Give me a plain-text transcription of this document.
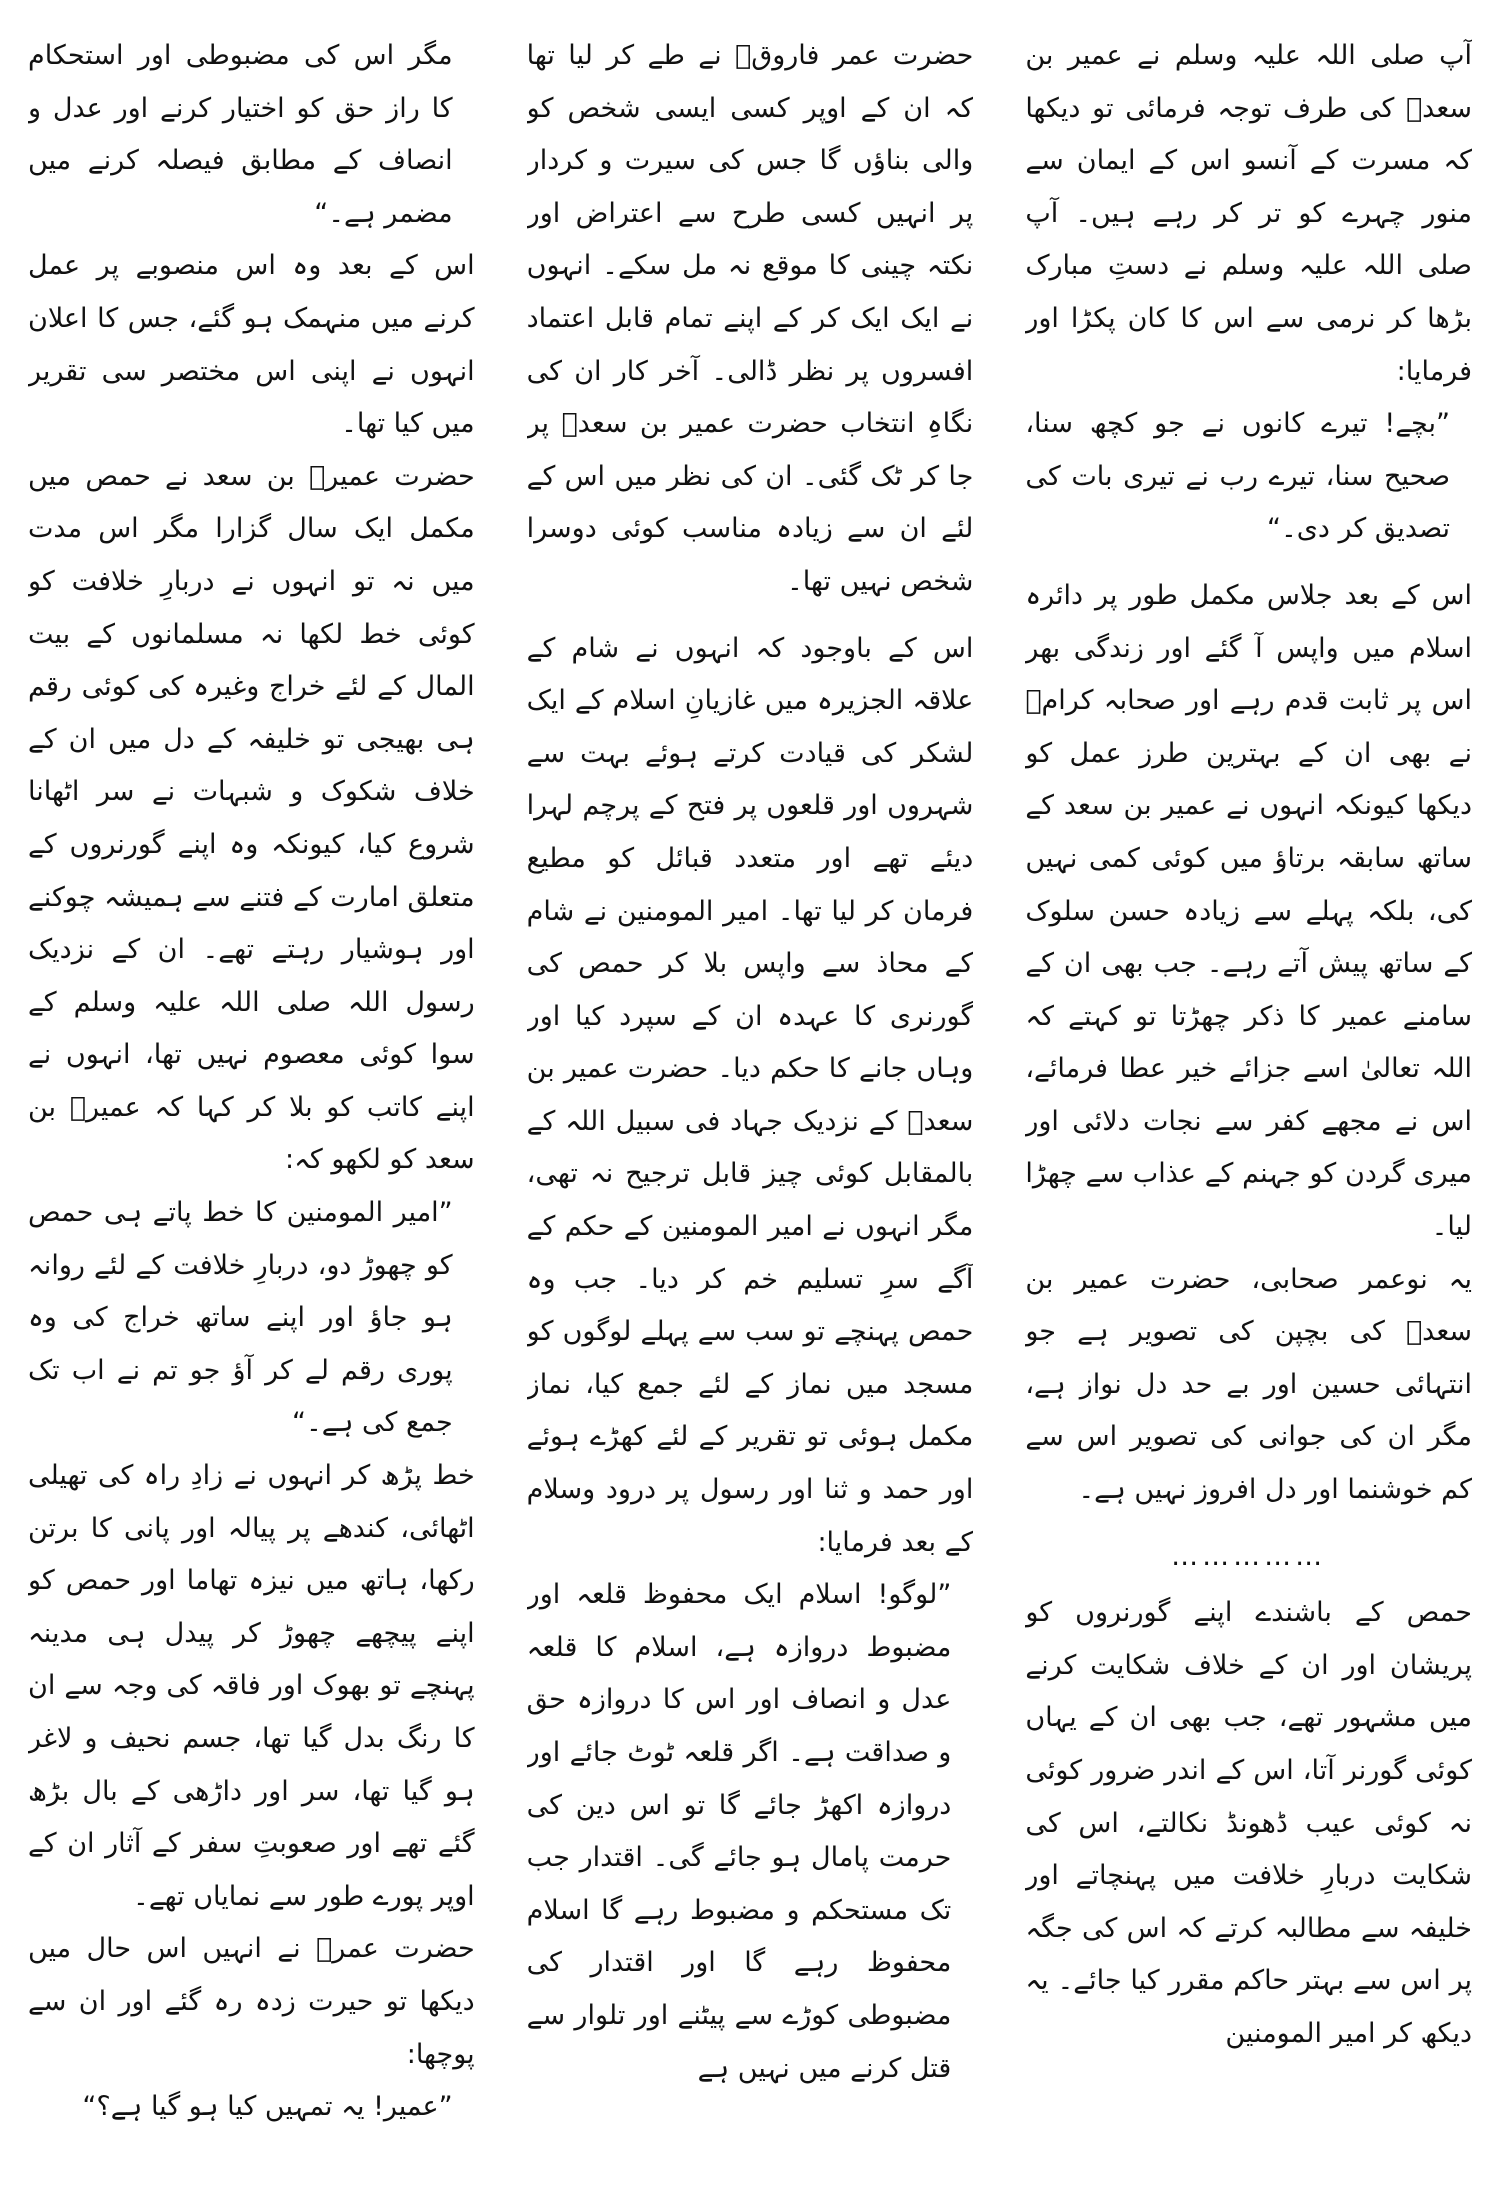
آپ صلی اللہ علیہ وسلم نے عمیر بن سعدؓ کی طرف توجہ فرمائی تو دیکھا کہ مسرت کے آنسو اس کے ایمان سے منور چہرے کو تر کر رہے ہیں۔ آپ صلی اللہ علیہ وسلم نے دستِ مبارک بڑھا کر نرمی سے اس کا کان پکڑا اور فرمایا:

”بچے! تیرے کانوں نے جو کچھ سنا، صحیح سنا، تیرے رب نے تیری بات کی تصدیق کر دی۔“

اس کے بعد جلاس مکمل طور پر دائرہ اسلام میں واپس آ گئے اور زندگی بھر اس پر ثابت قدم رہے اور صحابہ کرامؓ نے بھی ان کے بہترین طرز عمل کو دیکھا کیونکہ انہوں نے عمیر بن سعد کے ساتھ سابقہ برتاؤ میں کوئی کمی نہیں کی، بلکہ پہلے سے زیادہ حسن سلوک کے ساتھ پیش آتے رہے۔ جب بھی ان کے سامنے عمیر کا ذکر چھڑتا تو کہتے کہ اللہ تعالیٰ اسے جزائے خیر عطا فرمائے، اس نے مجھے کفر سے نجات دلائی اور میری گردن کو جہنم کے عذاب سے چھڑا لیا۔

یہ نوعمر صحابی، حضرت عمیر بن سعدؓ کی بچپن کی تصویر ہے جو انتہائی حسین اور بے حد دل نواز ہے، مگر ان کی جوانی کی تصویر اس سے کم خوشنما اور دل افروز نہیں ہے۔

……………

حمص کے باشندے اپنے گورنروں کو پریشان اور ان کے خلاف شکایت کرنے میں مشہور تھے، جب بھی ان کے یہاں کوئی گورنر آتا، اس کے اندر ضرور کوئی نہ کوئی عیب ڈھونڈ نکالتے، اس کی شکایت دربارِ خلافت میں پہنچاتے اور خلیفہ سے مطالبہ کرتے کہ اس کی جگہ پر اس سے بہتر حاکم مقرر کیا جائے۔ یہ دیکھ کر امیر المومنین

حضرت عمر فاروقؓ نے طے کر لیا تھا کہ ان کے اوپر کسی ایسی شخص کو والی بناؤں گا جس کی سیرت و کردار پر انہیں کسی طرح سے اعتراض اور نکتہ چینی کا موقع نہ مل سکے۔ انہوں نے ایک ایک کر کے اپنے تمام قابل اعتماد افسروں پر نظر ڈالی۔ آخر کار ان کی نگاہِ انتخاب حضرت عمیر بن سعدؓ پر جا کر ٹک گئی۔ ان کی نظر میں اس کے لئے ان سے زیادہ مناسب کوئی دوسرا شخص نہیں تھا۔

اس کے باوجود کہ انہوں نے شام کے علاقہ الجزیرہ میں غازیانِ اسلام کے ایک لشکر کی قیادت کرتے ہوئے بہت سے شہروں اور قلعوں پر فتح کے پرچم لہرا دیئے تھے اور متعدد قبائل کو مطیع فرمان کر لیا تھا۔ امیر المومنین نے شام کے محاذ سے واپس بلا کر حمص کی گورنری کا عہدہ ان کے سپرد کیا اور وہاں جانے کا حکم دیا۔ حضرت عمیر بن سعدؓ کے نزدیک جہاد فی سبیل اللہ کے بالمقابل کوئی چیز قابل ترجیح نہ تھی، مگر انہوں نے امیر المومنین کے حکم کے آگے سرِ تسلیم خم کر دیا۔ جب وہ حمص پہنچے تو سب سے پہلے لوگوں کو مسجد میں نماز کے لئے جمع کیا، نماز مکمل ہوئی تو تقریر کے لئے کھڑے ہوئے اور حمد و ثنا اور رسول پر درود وسلام کے بعد فرمایا:

”لوگو! اسلام ایک محفوظ قلعہ اور مضبوط دروازہ ہے، اسلام کا قلعہ عدل و انصاف اور اس کا دروازہ حق و صداقت ہے۔ اگر قلعہ ٹوٹ جائے اور دروازہ اکھڑ جائے گا تو اس دین کی حرمت پامال ہو جائے گی۔ اقتدار جب تک مستحکم و مضبوط رہے گا اسلام محفوظ رہے گا اور اقتدار کی مضبوطی کوڑے سے پیٹنے اور تلوار سے قتل کرنے میں نہیں ہے

مگر اس کی مضبوطی اور استحکام کا راز حق کو اختیار کرنے اور عدل و انصاف کے مطابق فیصلہ کرنے میں مضمر ہے۔“

اس کے بعد وہ اس منصوبے پر عمل کرنے میں منہمک ہو گئے، جس کا اعلان انہوں نے اپنی اس مختصر سی تقریر میں کیا تھا۔

حضرت عمیرؓ بن سعد نے حمص میں مکمل ایک سال گزارا مگر اس مدت میں نہ تو انہوں نے دربارِ خلافت کو کوئی خط لکھا نہ مسلمانوں کے بیت المال کے لئے خراج وغیرہ کی کوئی رقم ہی بھیجی تو خلیفہ کے دل میں ان کے خلاف شکوک و شبہات نے سر اٹھانا شروع کیا، کیونکہ وہ اپنے گورنروں کے متعلق امارت کے فتنے سے ہمیشہ چوکنے اور ہوشیار رہتے تھے۔ ان کے نزدیک رسول اللہ صلی اللہ علیہ وسلم کے سوا کوئی معصوم نہیں تھا، انہوں نے اپنے کاتب کو بلا کر کہا کہ عمیرؓ بن سعد کو لکھو کہ:

”امیر المومنین کا خط پاتے ہی حمص کو چھوڑ دو، دربارِ خلافت کے لئے روانہ ہو جاؤ اور اپنے ساتھ خراج کی وہ پوری رقم لے کر آؤ جو تم نے اب تک جمع کی ہے۔“

خط پڑھ کر انہوں نے زادِ راہ کی تھیلی اٹھائی، کندھے پر پیالہ اور پانی کا برتن رکھا، ہاتھ میں نیزہ تھاما اور حمص کو اپنے پیچھے چھوڑ کر پیدل ہی مدینہ پہنچے تو بھوک اور فاقہ کی وجہ سے ان کا رنگ بدل گیا تھا، جسم نحیف و لاغر ہو گیا تھا، سر اور داڑھی کے بال بڑھ گئے تھے اور صعوبتِ سفر کے آثار ان کے اوپر پورے طور سے نمایاں تھے۔

حضرت عمرؓ نے انہیں اس حال میں دیکھا تو حیرت زدہ رہ گئے اور ان سے پوچھا:

”عمیر! یہ تمہیں کیا ہو گیا ہے؟“
